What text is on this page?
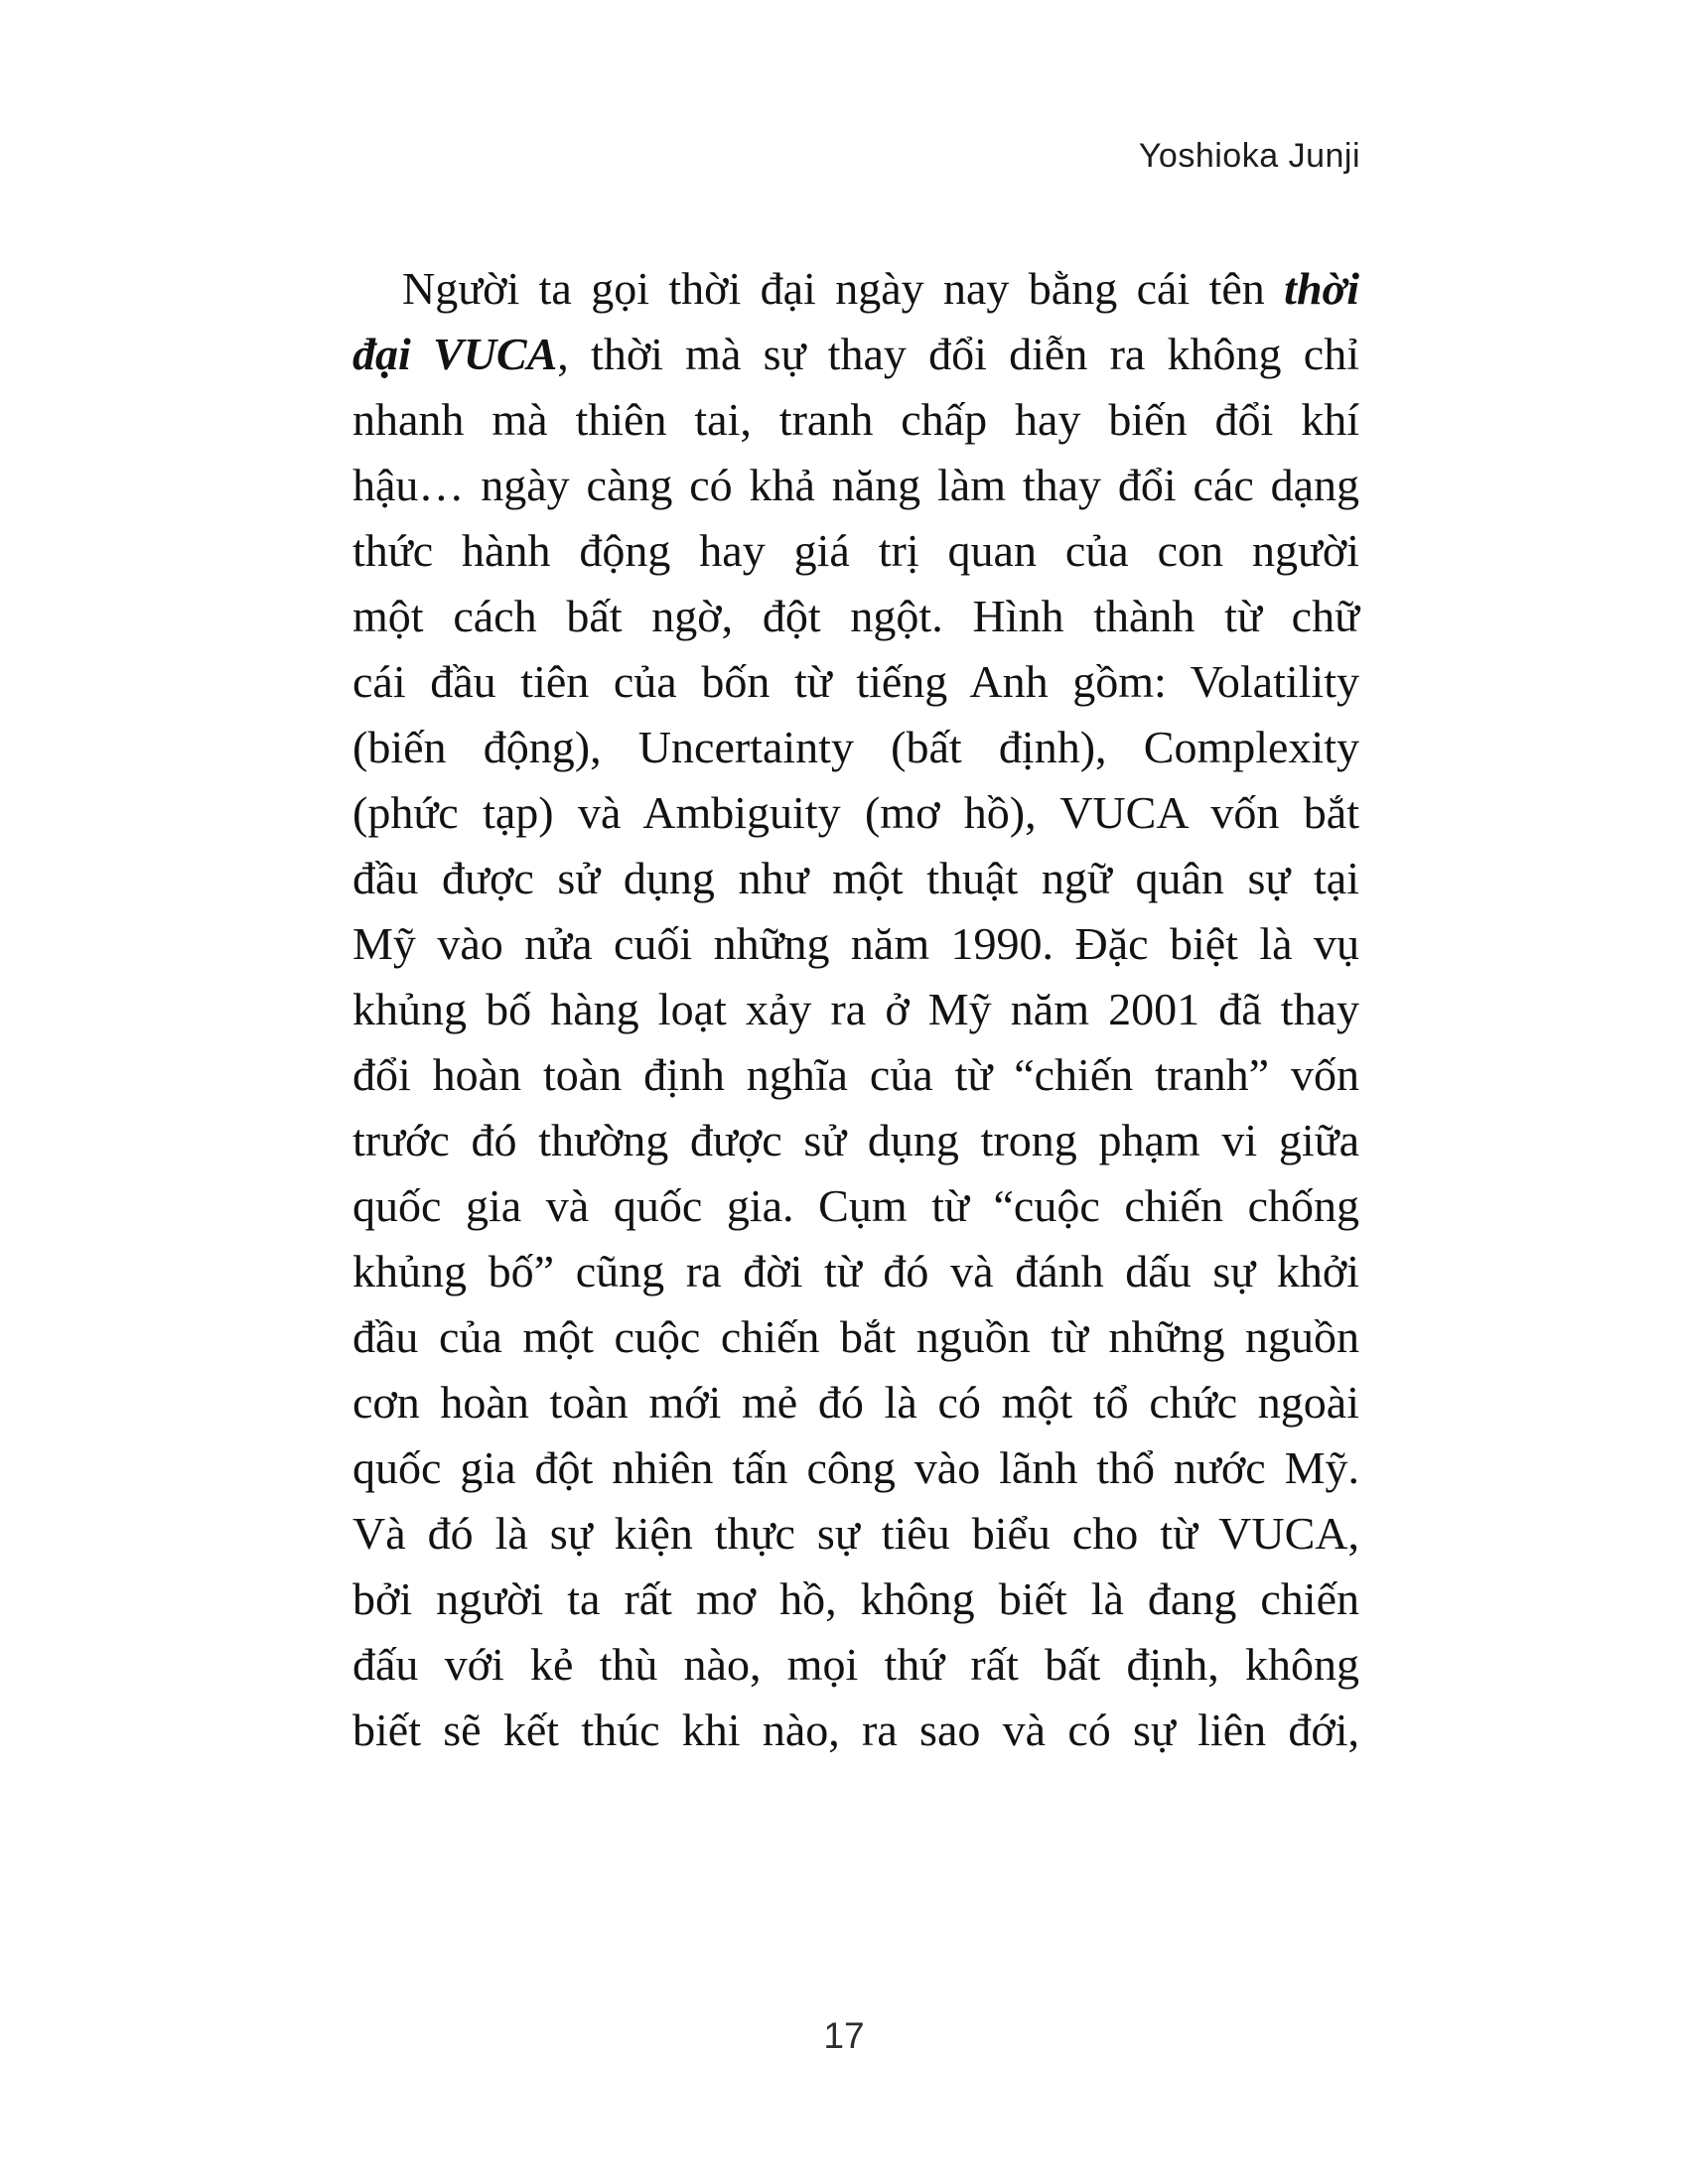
Yoshioka Junji
Người ta gọi thời đại ngày nay bằng cái tên thời
đại VUCA, thời mà sự thay đổi diễn ra không chỉ
nhanh mà thiên tai, tranh chấp hay biến đổi khí
hậu… ngày càng có khả năng làm thay đổi các dạng
thức hành động hay giá trị quan của con người
một cách bất ngờ, đột ngột. Hình thành từ chữ
cái đầu tiên của bốn từ tiếng Anh gồm: Volatility
(biến động), Uncertainty (bất định), Complexity
(phức tạp) và Ambiguity (mơ hồ), VUCA vốn bắt
đầu được sử dụng như một thuật ngữ quân sự tại
Mỹ vào nửa cuối những năm 1990. Đặc biệt là vụ
khủng bố hàng loạt xảy ra ở Mỹ năm 2001 đã thay
đổi hoàn toàn định nghĩa của từ “chiến tranh” vốn
trước đó thường được sử dụng trong phạm vi giữa
quốc gia và quốc gia. Cụm từ “cuộc chiến chống
khủng bố” cũng ra đời từ đó và đánh dấu sự khởi
đầu của một cuộc chiến bắt nguồn từ những nguồn
cơn hoàn toàn mới mẻ đó là có một tổ chức ngoài
quốc gia đột nhiên tấn công vào lãnh thổ nước Mỹ.
Và đó là sự kiện thực sự tiêu biểu cho từ VUCA,
bởi người ta rất mơ hồ, không biết là đang chiến
đấu với kẻ thù nào, mọi thứ rất bất định, không
biết sẽ kết thúc khi nào, ra sao và có sự liên đới,
17
